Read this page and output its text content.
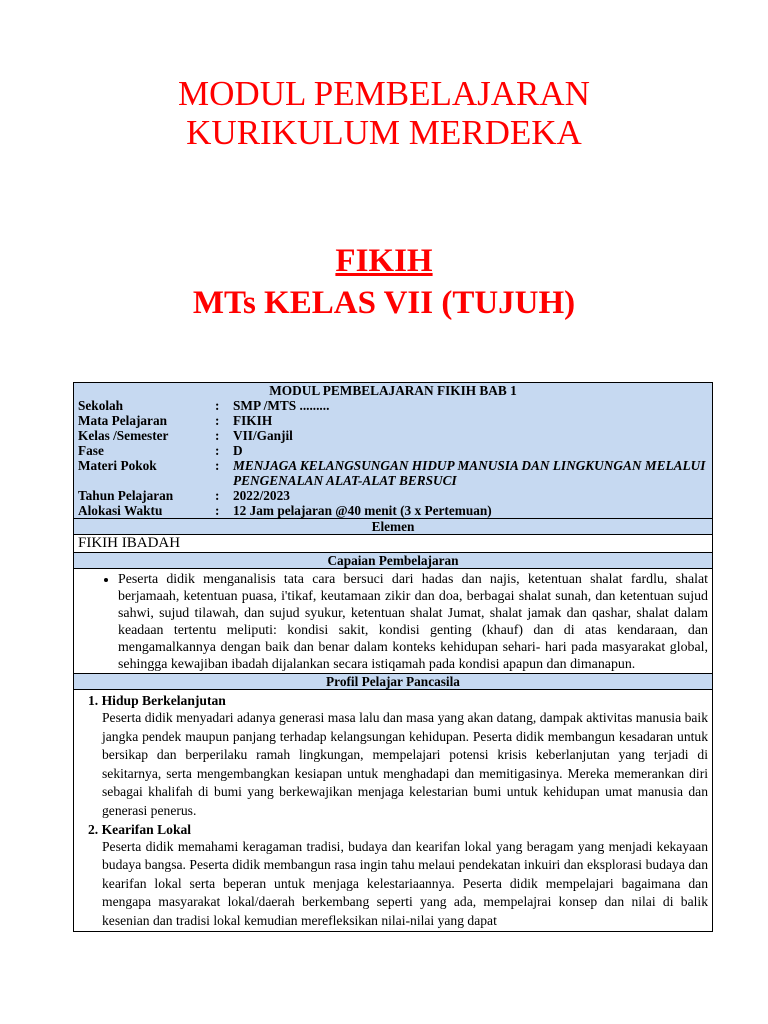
MODUL PEMBELAJARAN
KURIKULUM MERDEKA
FIKIH
MTs KELAS VII (TUJUH)
MODUL PEMBELAJARAN FIKIH BAB 1
Sekolah	:	SMP /MTS .........
Mata Pelajaran	:	FIKIH
Kelas /Semester	:	VII/Ganjil
Fase	:	D
Materi Pokok	:	MENJAGA KELANGSUNGAN HIDUP MANUSIA DAN LINGKUNGAN MELALUI PENGENALAN ALAT-ALAT BERSUCI
Tahun Pelajaran	:	2022/2023
Alokasi Waktu	:	12 Jam pelajaran @40 menit (3 x Pertemuan)

Elemen
FIKIH IBADAH
Capaian Pembelajaran

• Peserta didik menganalisis tata cara bersuci dari hadas dan najis, ketentuan shalat fardlu, shalat berjamaah, ketentuan puasa, i'tikaf, keutamaan zikir dan doa, berbagai shalat sunah, dan ketentuan sujud sahwi, sujud tilawah, dan sujud syukur, ketentuan shalat Jumat, shalat jamak dan qashar, shalat dalam keadaan tertentu meliputi: kondisi sakit, kondisi genting (khauf) dan di atas kendaraan, dan mengamalkannya dengan baik dan benar dalam konteks kehidupan sehari- hari pada masyarakat global, sehingga kewajiban ibadah dijalankan secara istiqamah pada kondisi apapun dan dimanapun.

Profil Pelajar Pancasila

1. Hidup Berkelanjutan

Peserta didik menyadari adanya generasi masa lalu dan masa yang akan datang, dampak aktivitas manusia baik jangka pendek maupun panjang terhadap kelangsungan kehidupan. Peserta didik membangun kesadaran untuk bersikap dan berperilaku ramah lingkungan, mempelajari potensi krisis keberlanjutan yang terjadi di sekitarnya, serta mengembangkan kesiapan untuk menghadapi dan memitigasinya. Mereka memerankan diri sebagai khalifah di bumi yang berkewajikan menjaga kelestarian bumi untuk kehidupan umat manusia dan generasi penerus.

2. Kearifan Lokal

Peserta didik memahami keragaman tradisi, budaya dan kearifan lokal yang beragam yang menjadi kekayaan budaya bangsa. Peserta didik membangun rasa ingin tahu melaui pendekatan inkuiri dan eksplorasi budaya dan kearifan lokal serta beperan untuk menjaga kelestariaannya. Peserta didik mempelajari bagaimana dan mengapa masyarakat lokal/daerah berkembang seperti yang ada, mempelajrai konsep dan nilai di balik kesenian dan tradisi lokal kemudian merefleksikan nilai-nilai yang dapat
